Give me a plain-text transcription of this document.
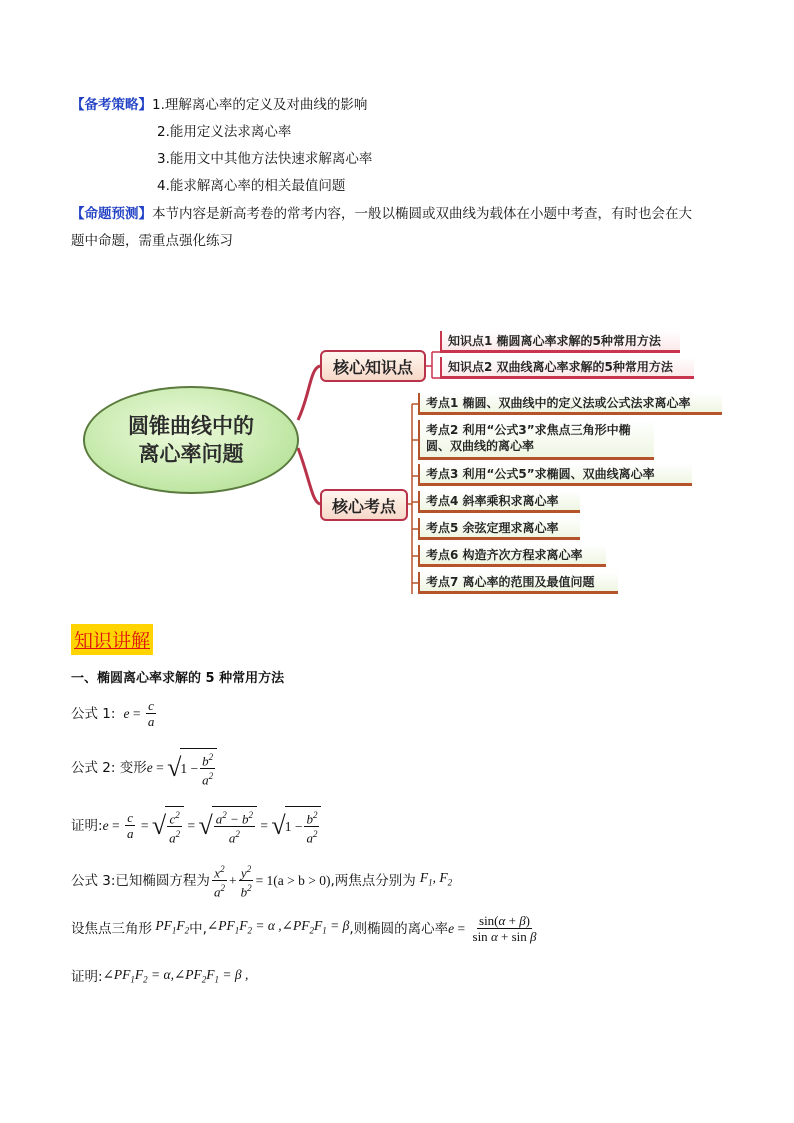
【备考策略】1.理解离心率的定义及对曲线的影响
2.能用定义法求离心率
3.能用文中其他方法快速求解离心率
4.能求解离心率的相关最值问题
【命题预测】本节内容是新高考卷的常考内容，一般以椭圆或双曲线为载体在小题中考查，有时也会在大
题中命题，需重点强化练习
圆锥曲线中的
离心率问题
核心知识点
核心考点
知识点1 椭圆离心率求解的5种常用方法
知识点2 双曲线离心率求解的5种常用方法
考点1 椭圆、双曲线中的定义法或公式法求离心率
考点2 利用“公式3”求焦点三角形中椭圆、双曲线的离心率
考点3 利用“公式5”求椭圆、双曲线离心率
考点4 斜率乘积求离心率
考点5 余弦定理求离心率
考点6 构造齐次方程求离心率
考点7 离心率的范围及最值问题
知识讲解
一、椭圆离心率求解的 5 种常用方法
公式 1: $e = \frac{c}{a}$
公式 2: 变形 e = √ $1 - \frac{b^2}{a^2}$
证明: $e = \frac{c}{a}$ = √ $\frac{c^2}{a^2}$ = √ $\frac{a^2 - b^2}{a^2}$ = √ $1 - \frac{b^2}{a^2}$
公式 3:已知椭圆方程为 $\frac{x^2}{a^2} + \frac{y^2}{b^2} = 1(a > b > 0)$ ,两焦点分别为 $F_1$, $F_2$
设焦点三角形 $PF_1F_2$ 中, $\angle PF_1F_2 = \alpha$ $,\angle PF_2F_1 = \beta$ ,则椭圆的离心率 $e = \frac{\sin(\alpha + \beta)}{\text{sin α + sin β}}$
证明: $\angle PF_1F_2$ = $\alpha,\angle PF_2F_1 = \beta$ ,
